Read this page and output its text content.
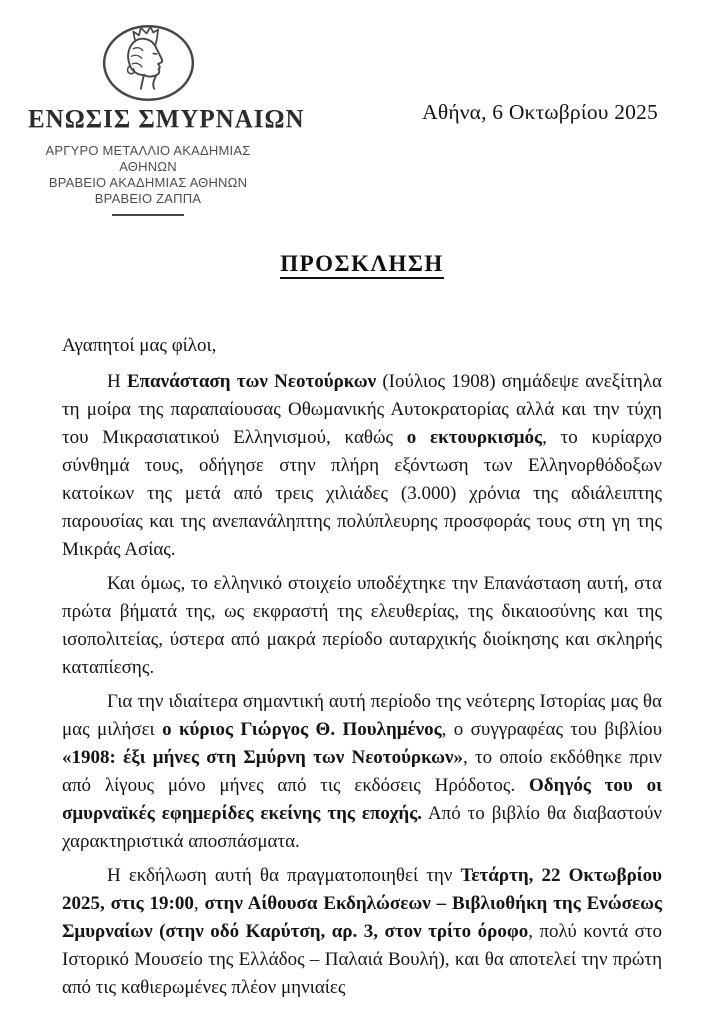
ΕΝΩΣΙΣ ΣΜΥΡΝΑΙΩΝ
ΑΡΓΥΡΟ ΜΕΤΑΛΛΙΟ ΑΚΑΔΗΜΙΑΣ ΑΘΗΝΩΝ
ΒΡΑΒΕΙΟ ΑΚΑΔΗΜΙΑΣ ΑΘΗΝΩΝ
ΒΡΑΒΕΙΟ ΖΑΠΠΑ
Αθήνα, 6 Οκτωβρίου 2025
ΠΡΟΣΚΛΗΣΗ

Αγαπητοί μας φίλοι,

Η Επανάσταση των Νεοτούρκων (Ιούλιος 1908) σημάδεψε ανεξίτηλα τη μοίρα της παραπαίουσας Οθωμανικής Αυτοκρατορίας αλλά και την τύχη του Μικρασιατικού Ελληνισμού, καθώς ο εκτουρκισμός, το κυρίαρχο σύνθημά τους, οδήγησε στην πλήρη εξόντωση των Ελληνορθόδοξων κατοίκων της μετά από τρεις χιλιάδες (3.000) χρόνια της αδιάλειπτης παρουσίας και της ανεπανάληπτης πολύπλευρης προσφοράς τους στη γη της Μικράς Ασίας.

Και όμως, το ελληνικό στοιχείο υποδέχτηκε την Επανάσταση αυτή, στα πρώτα βήματά της, ως εκφραστή της ελευθερίας, της δικαιοσύνης και της ισοπολιτείας, ύστερα από μακρά περίοδο αυταρχικής διοίκησης και σκληρής καταπίεσης.

Για την ιδιαίτερα σημαντική αυτή περίοδο της νεότερης Ιστορίας μας θα μας μιλήσει ο κύριος Γιώργος Θ. Πουλημένος, ο συγγραφέας του βιβλίου «1908: έξι μήνες στη Σμύρνη των Νεοτούρκων», το οποίο εκδόθηκε πριν από λίγους μόνο μήνες από τις εκδόσεις Ηρόδοτος. Οδηγός του οι σμυρναϊκές εφημερίδες εκείνης της εποχής. Από το βιβλίο θα διαβαστούν χαρακτηριστικά αποσπάσματα.

Η εκδήλωση αυτή θα πραγματοποιηθεί την Τετάρτη, 22 Οκτωβρίου 2025, στις 19:00, στην Αίθουσα Εκδηλώσεων – Βιβλιοθήκη της Ενώσεως Σμυρναίων (στην οδό Καρύτση, αρ. 3, στον τρίτο όροφο, πολύ κοντά στο Ιστορικό Μουσείο της Ελλάδος – Παλαιά Βουλή), και θα αποτελεί την πρώτη από τις καθιερωμένες πλέον μηνιαίες
